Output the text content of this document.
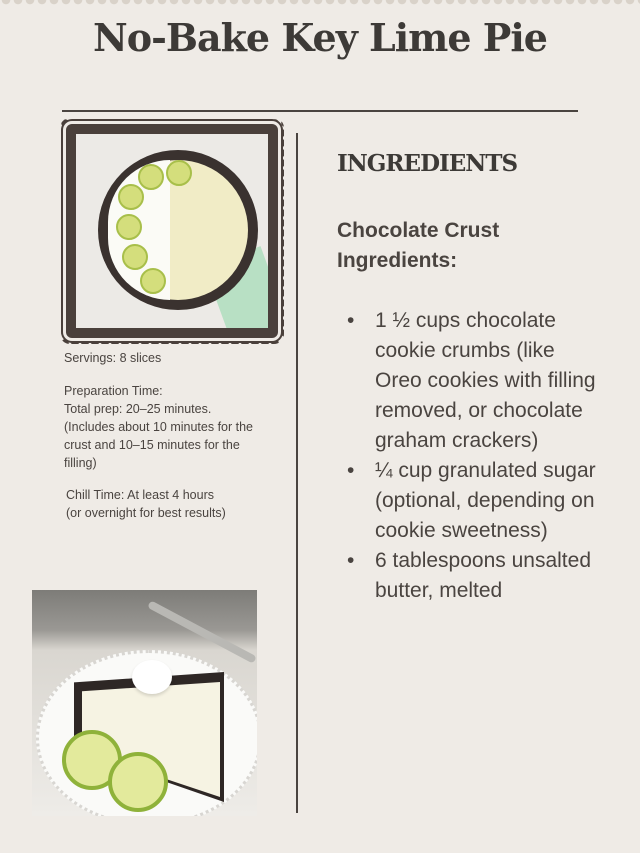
No-Bake Key Lime Pie
Servings: 8 slices
Preparation Time:
Total prep: 20–25 minutes.
(Includes about 10 minutes for the crust and 10–15 minutes for the filling)
Chill Time: At least 4 hours (or overnight for best results)
INGREDIENTS
Chocolate Crust Ingredients:
• 1 ½ cups chocolate cookie crumbs (like Oreo cookies with filling removed, or chocolate graham crackers)
• ¼ cup granulated sugar (optional, depending on cookie sweetness)
• 6 tablespoons unsalted butter, melted
